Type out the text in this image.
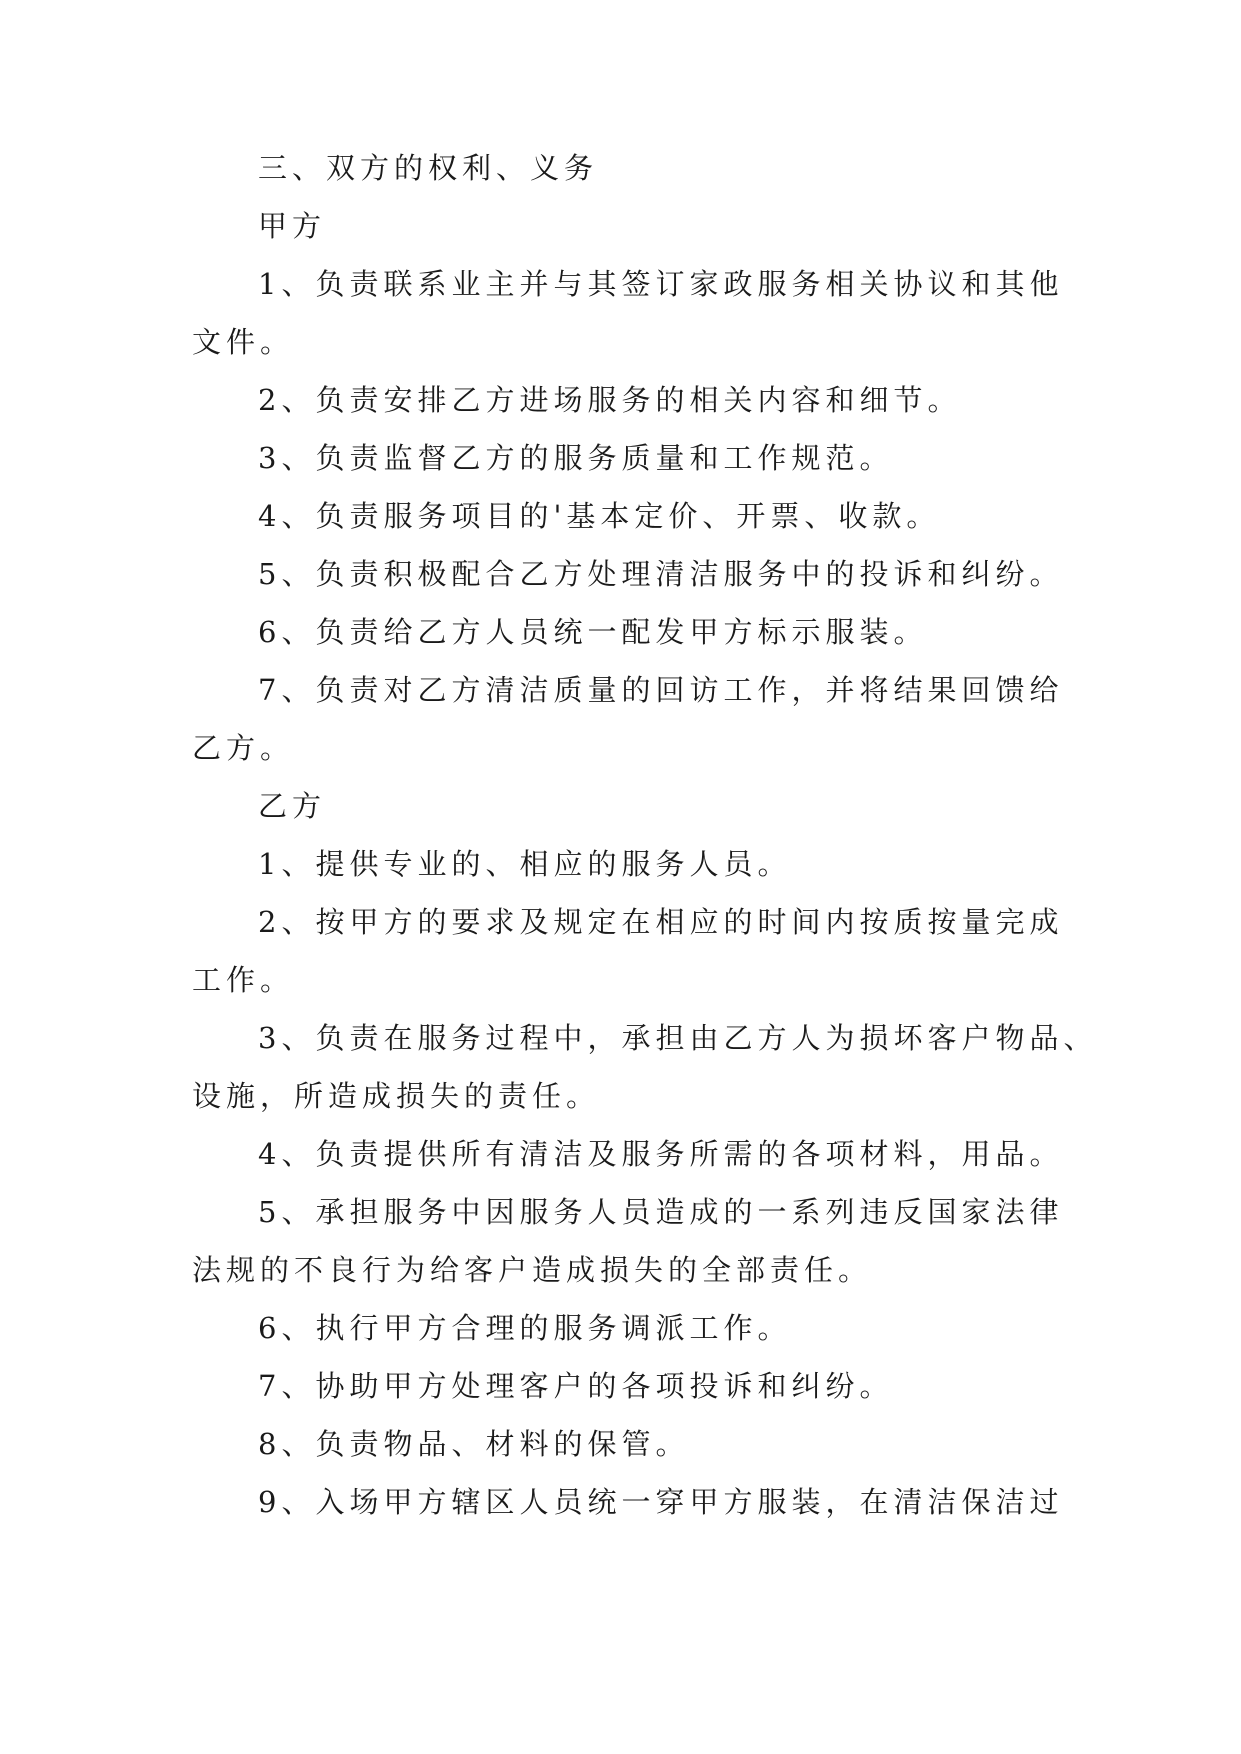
三、双方的权利、义务
甲方
1、负责联系业主并与其签订家政服务相关协议和其他
文件。
2、负责安排乙方进场服务的相关内容和细节。
3、负责监督乙方的服务质量和工作规范。
4、负责服务项目的'基本定价、开票、收款。
5、负责积极配合乙方处理清洁服务中的投诉和纠纷。
6、负责给乙方人员统一配发甲方标示服装。
7、负责对乙方清洁质量的回访工作，并将结果回馈给
乙方。
乙方
1、提供专业的、相应的服务人员。
2、按甲方的要求及规定在相应的时间内按质按量完成
工作。
3、负责在服务过程中，承担由乙方人为损坏客户物品、
设施，所造成损失的责任。
4、负责提供所有清洁及服务所需的各项材料，用品。
5、承担服务中因服务人员造成的一系列违反国家法律
法规的不良行为给客户造成损失的全部责任。
6、执行甲方合理的服务调派工作。
7、协助甲方处理客户的各项投诉和纠纷。
8、负责物品、材料的保管。
9、入场甲方辖区人员统一穿甲方服装，在清洁保洁过
